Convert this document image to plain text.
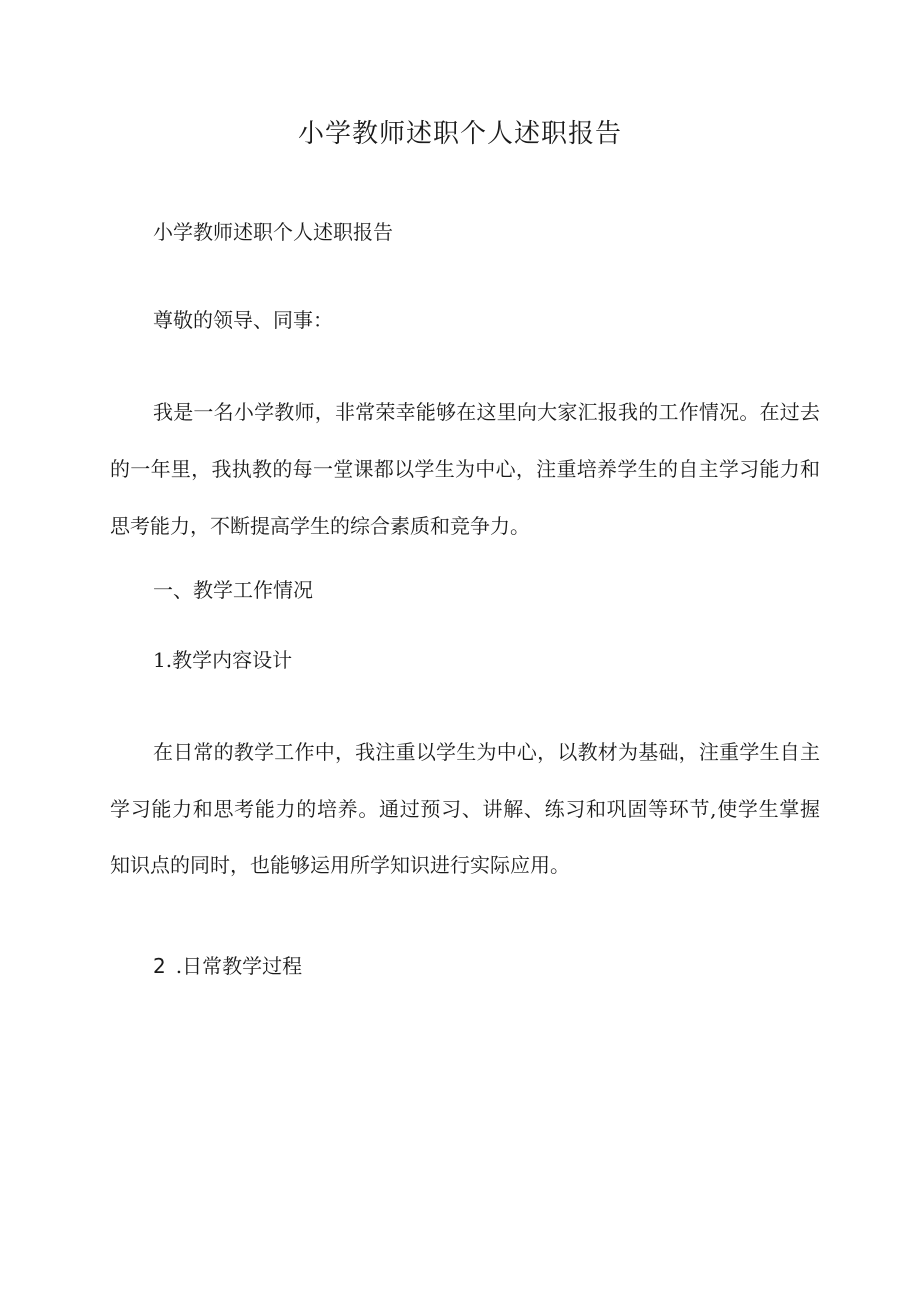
小学教师述职个人述职报告

小学教师述职个人述职报告

尊敬的领导、同事：

我是一名小学教师，非常荣幸能够在这里向大家汇报我的工作情况。在过去

的一年里，我执教的每一堂课都以学生为中心，注重培养学生的自主学习能力和

思考能力，不断提高学生的综合素质和竞争力。

一、教学工作情况

1.教学内容设计

在日常的教学工作中，我注重以学生为中心，以教材为基础，注重学生自主

学习能力和思考能力的培养。通过预习、讲解、练习和巩固等环节,使学生掌握

知识点的同时，也能够运用所学知识进行实际应用。

2 .日常教学过程
